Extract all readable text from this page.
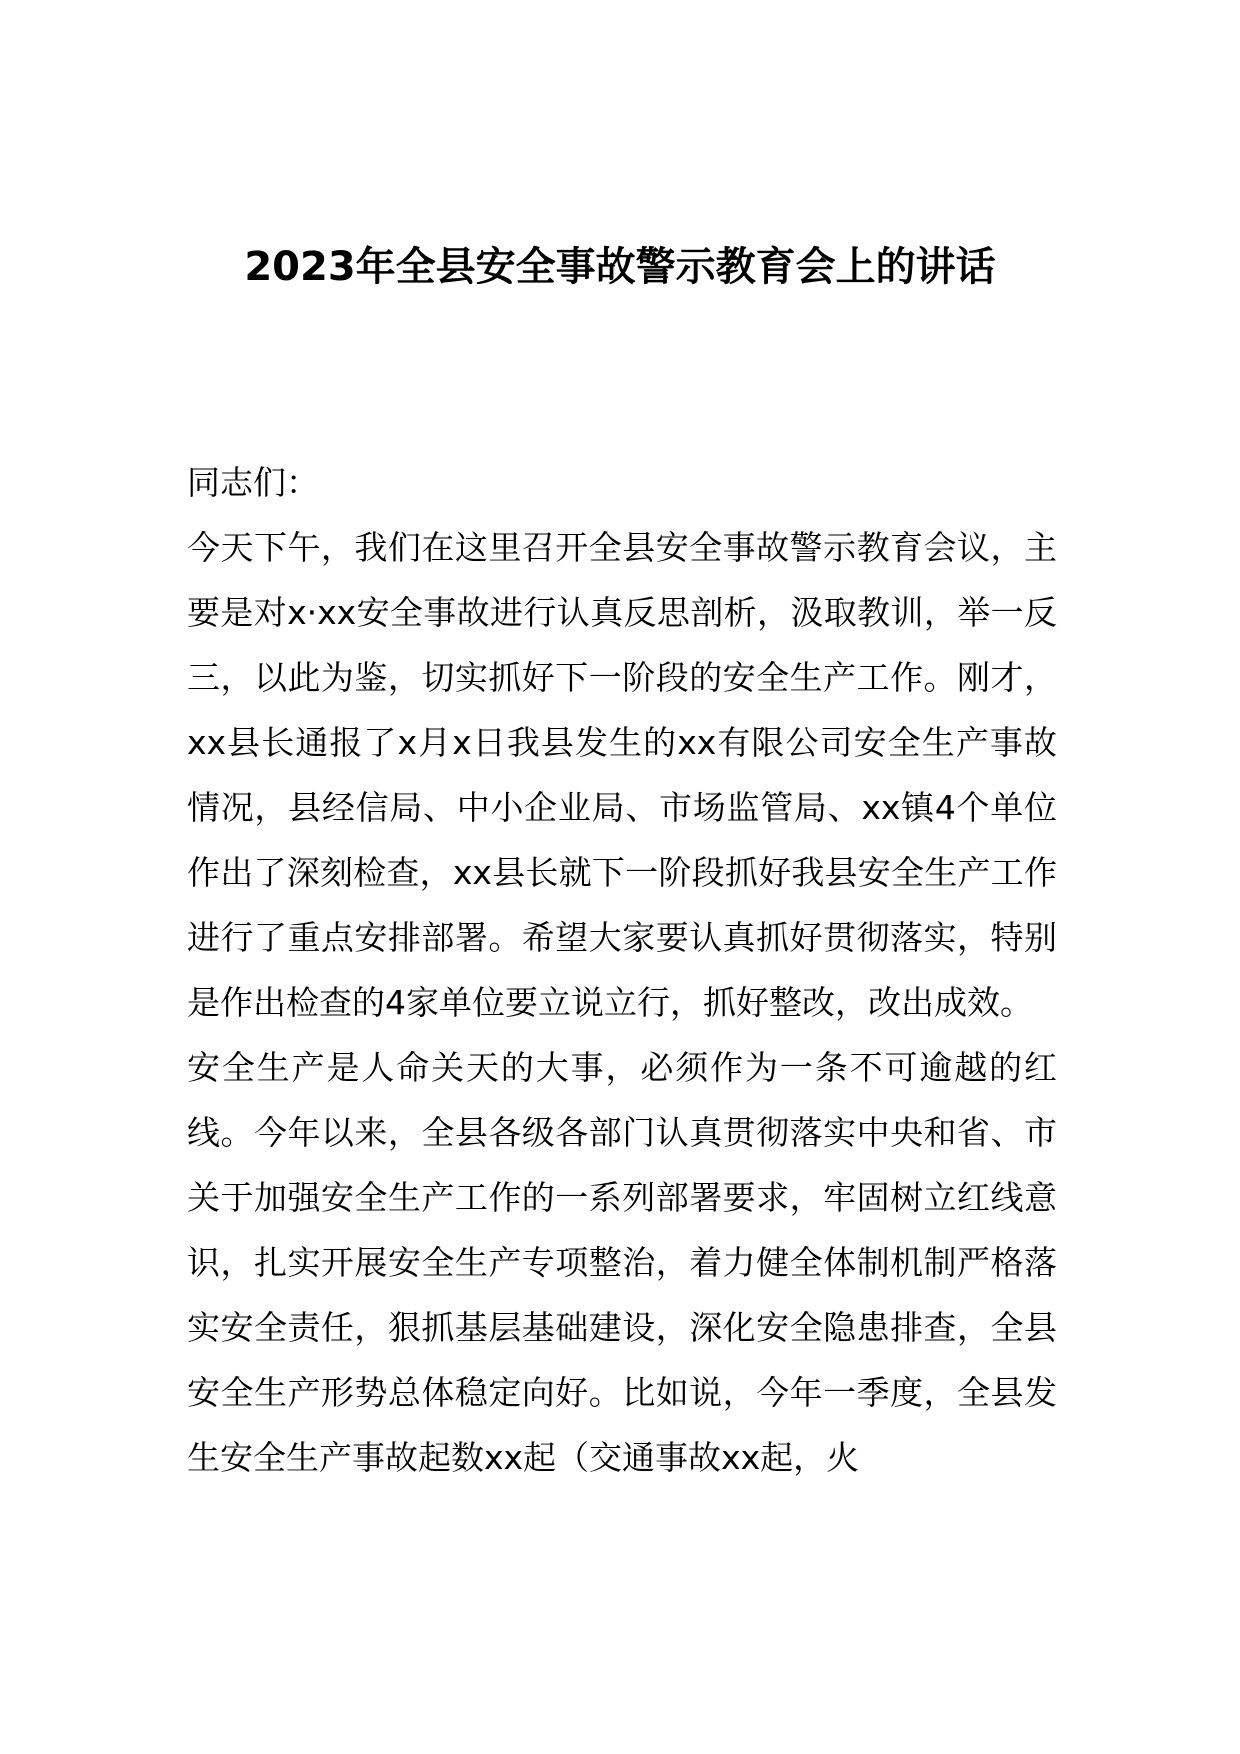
2023年全县安全事故警示教育会上的讲话

同志们：

今天下午，我们在这里召开全县安全事故警示教育会议，主要是对x·xx安全事故进行认真反思剖析，汲取教训，举一反三，以此为鉴，切实抓好下一阶段的安全生产工作。刚才，xx县长通报了x月x日我县发生的xx有限公司安全生产事故情况，县经信局、中小企业局、市场监管局、xx镇4个单位作出了深刻检查，xx县长就下一阶段抓好我县安全生产工作进行了重点安排部署。希望大家要认真抓好贯彻落实，特别是作出检查的4家单位要立说立行，抓好整改，改出成效。

安全生产是人命关天的大事，必须作为一条不可逾越的红线。今年以来，全县各级各部门认真贯彻落实中央和省、市关于加强安全生产工作的一系列部署要求，牢固树立红线意识，扎实开展安全生产专项整治，着力健全体制机制严格落实安全责任，狠抓基层基础建设，深化安全隐患排查，全县安全生产形势总体稳定向好。比如说，今年一季度，全县发生安全生产事故起数xx起（交通事故xx起，火
